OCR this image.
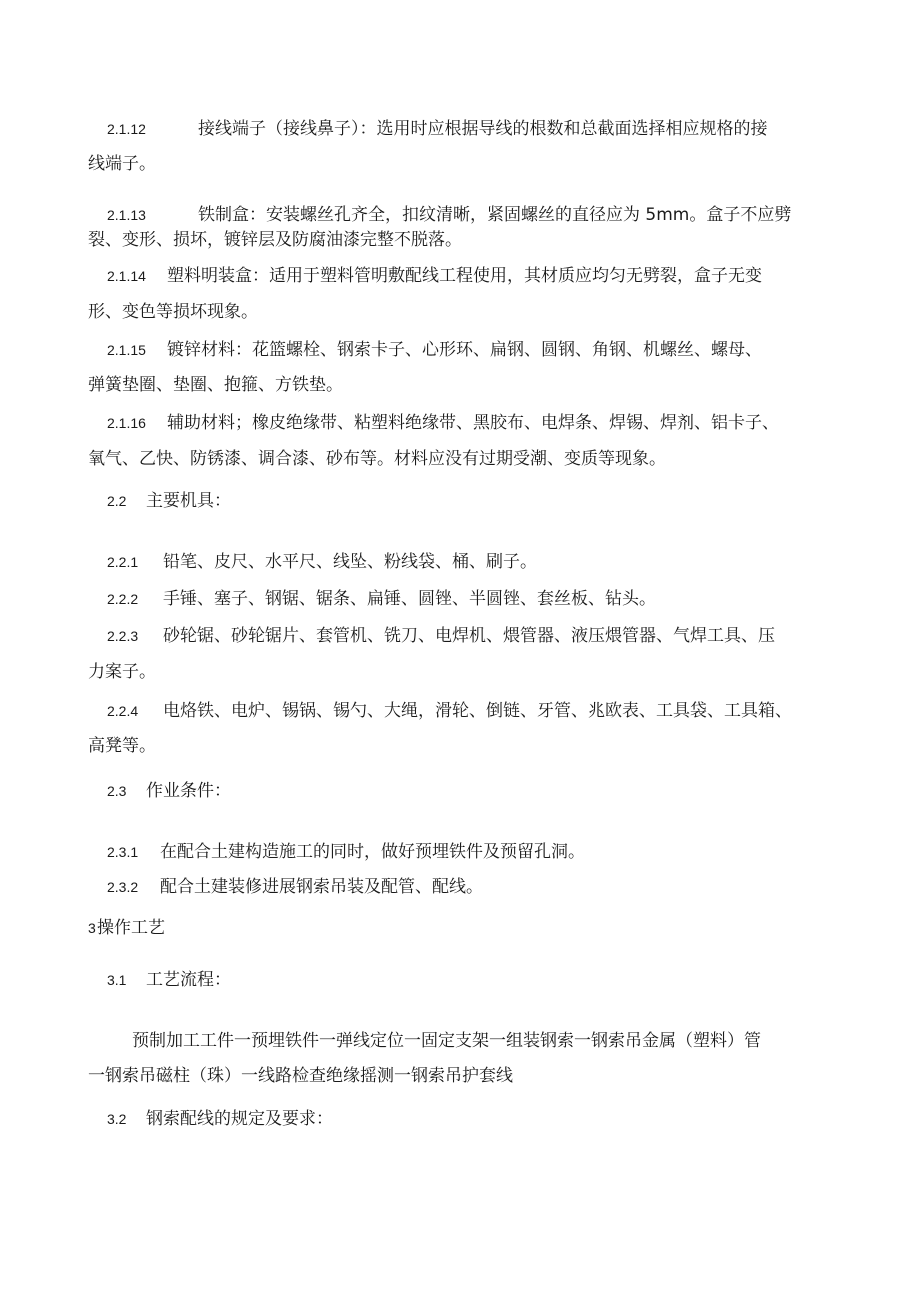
2.1.12	接线端子（接线鼻子）：选用时应根据导线的根数和总截面选择相应规格的接
线端子。
2.1.13	铁制盒：安装螺丝孔齐全，扣纹清晰，紧固螺丝的直径应为 5mm。盒子不应劈
裂、变形、损坏，镀锌层及防腐油漆完整不脱落。
2.1.14 塑料明装盒：适用于塑料管明敷配线工程使用，其材质应均匀无劈裂，盒子无变
形、变色等损坏现象。
2.1.15 镀锌材料：花篮螺栓、钢索卡子、心形环、扁钢、圆钢、角钢、机螺丝、螺母、
弹簧垫圈、垫圈、抱箍、方铁垫。
2.1.16 辅助材料；橡皮绝缘带、粘塑料绝缘带、黑胶布、电焊条、焊锡、焊剂、铝卡子、
氧气、乙快、防锈漆、调合漆、砂布等。材料应没有过期受潮、变质等现象。
2.2 主要机具：
2.2.1 铅笔、皮尺、水平尺、线坠、粉线袋、桶、刷子。
2.2.2 手锤、塞子、钢锯、锯条、扁锤、圆锉、半圆锉、套丝板、钻头。
2.2.3 砂轮锯、砂轮锯片、套管机、铣刀、电焊机、煨管器、液压煨管器、气焊工具、压
力案子。
2.2.4 电烙铁、电炉、锡锅、锡勺、大绳，滑轮、倒链、牙管、兆欧表、工具袋、工具箱、
高凳等。
2.3 作业条件：
2.3.1 在配合土建构造施工的同时，做好预埋铁件及预留孔洞。
2.3.2 配合土建装修进展钢索吊装及配管、配线。
3 操作工艺
3.1 工艺流程：
预制加工工件一预埋铁件一弹线定位一固定支架一组装钢索一钢索吊金属（塑料）管
一钢索吊磁柱（珠）一线路检查绝缘摇测一钢索吊护套线
3.2 钢索配线的规定及要求：
